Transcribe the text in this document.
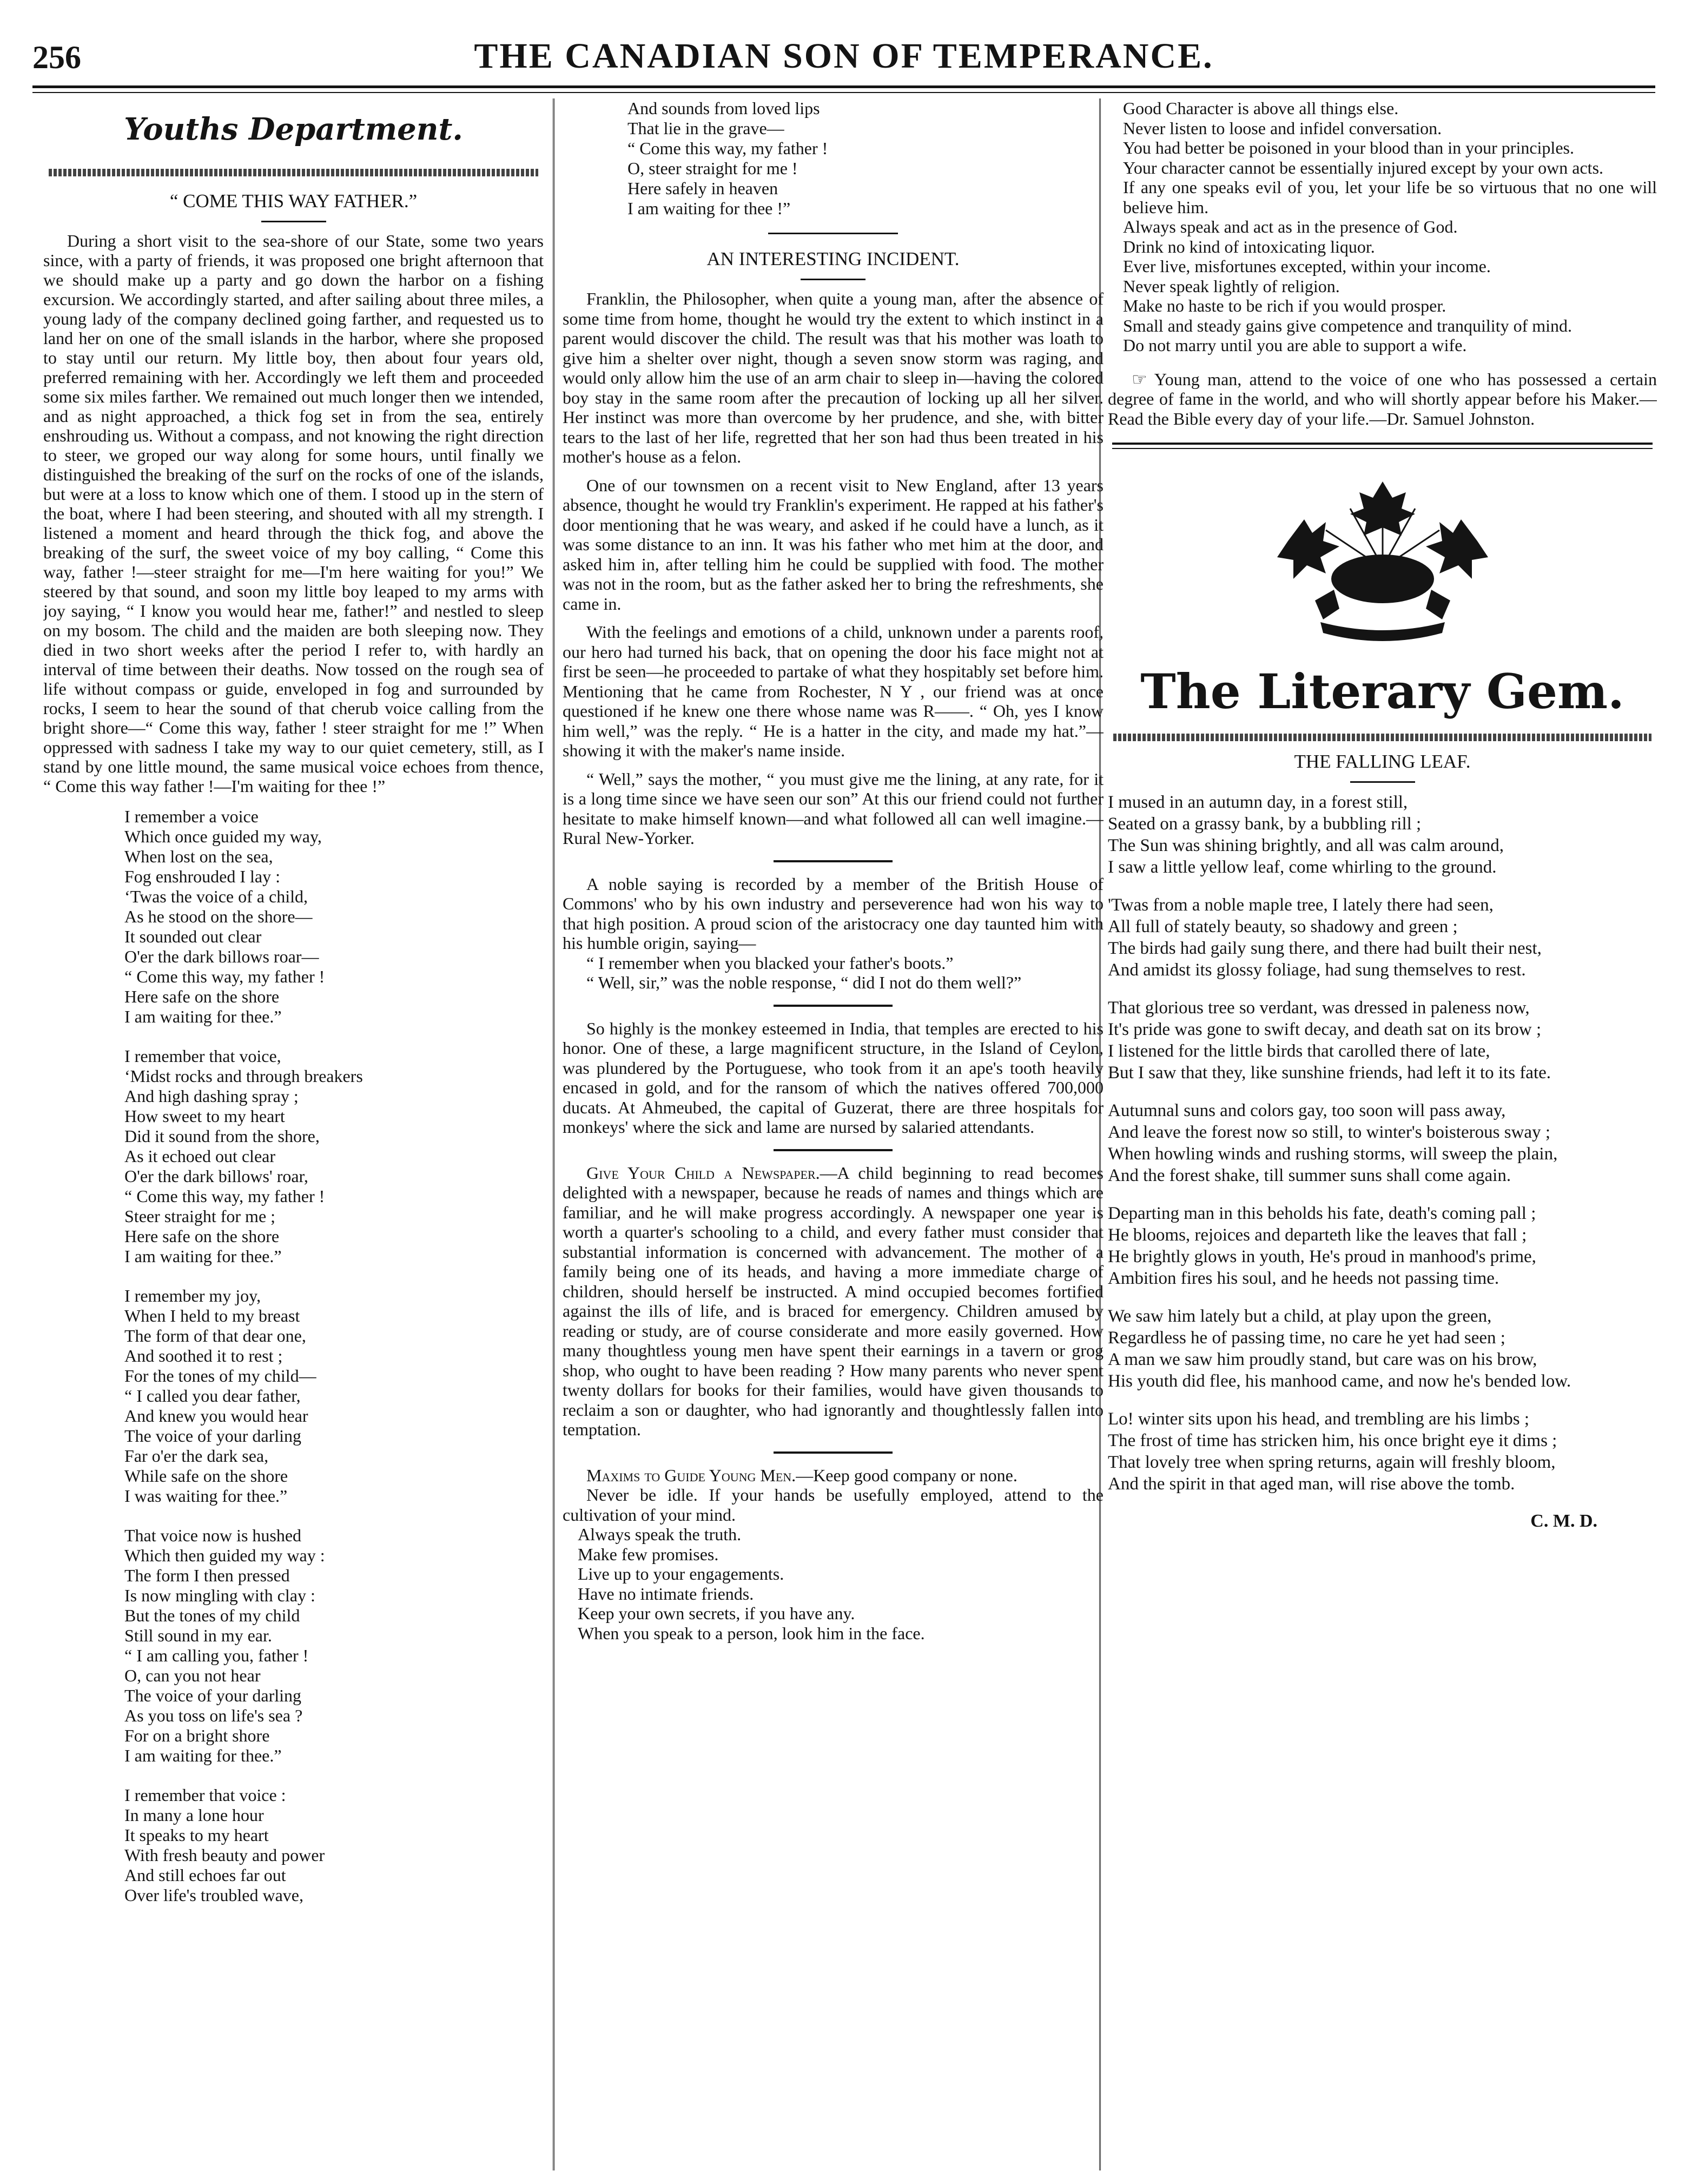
256	THE CANADIAN SON OF TEMPERANCE.
Youths Department.
“ COME THIS WAY FATHER.”

During a short visit to the sea-shore of our State, some two years since, with a party of friends, it was proposed one bright afternoon that we should make up a party and go down the harbor on a fishing excursion. We accordingly started, and after sailing about three miles, a young lady of the company declined going farther, and requested us to land her on one of the small islands in the harbor, where she proposed to stay until our return. My little boy, then about four years old, preferred remaining with her. Accordingly we left them and proceeded some six miles farther. We remained out much longer then we intended, and as night approached, a thick fog set in from the sea, entirely enshrouding us. Without a compass, and not knowing the right direction to steer, we groped our way along for some hours, until finally we distinguished the breaking of the surf on the rocks of one of the islands, but were at a loss to know which one of them. I stood up in the stern of the boat, where I had been steering, and shouted with all my strength. I listened a moment and heard through the thick fog, and above the breaking of the surf, the sweet voice of my boy calling, “ Come this way, father !—steer straight for me—I'm here waiting for you!” We steered by that sound, and soon my little boy leaped to my arms with joy saying, “ I know you would hear me, father!” and nestled to sleep on my bosom. The child and the maiden are both sleeping now. They died in two short weeks after the period I refer to, with hardly an interval of time between their deaths. Now tossed on the rough sea of life without compass or guide, enveloped in fog and surrounded by rocks, I seem to hear the sound of that cherub voice calling from the bright shore—“ Come this way, father ! steer straight for me !” When oppressed with sadness I take my way to our quiet cemetery, still, as I stand by one little mound, the same musical voice echoes from thence, “ Come this way father !—I'm waiting for thee !”

I remember a voice
Which once guided my way,
When lost on the sea,
Fog enshrouded I lay :
‘Twas the voice of a child,
As he stood on the shore—
It sounded out clear
O'er the dark billows roar—
“ Come this way, my father !
Here safe on the shore
I am waiting for thee.”
I remember that voice,
‘Midst rocks and through breakers
And high dashing spray ;
How sweet to my heart
Did it sound from the shore,
As it echoed out clear
O'er the dark billows' roar,
“ Come this way, my father !
Steer straight for me ;
Here safe on the shore
I am waiting for thee.”
I remember my joy,
When I held to my breast
The form of that dear one,
And soothed it to rest ;
For the tones of my child—
“ I called you dear father,
And knew you would hear
The voice of your darling
Far o'er the dark sea,
While safe on the shore
I was waiting for thee.”
That voice now is hushed
Which then guided my way :
The form I then pressed
Is now mingling with clay :
But the tones of my child
Still sound in my ear.
“ I am calling you, father !
O, can you not hear
The voice of your darling
As you toss on life's sea ?
For on a bright shore
I am waiting for thee.”
I remember that voice :
In many a lone hour
It speaks to my heart
With fresh beauty and power
And still echoes far out
Over life's troubled wave,
And sounds from loved lips
That lie in the grave—
“ Come this way, my father !
O, steer straight for me !
Here safely in heaven
I am waiting for thee !”
AN INTERESTING INCIDENT.

Franklin, the Philosopher, when quite a young man, after the absence of some time from home, thought he would try the extent to which instinct in a parent would discover the child. The result was that his mother was loath to give him a shelter over night, though a seven snow storm was raging, and would only allow him the use of an arm chair to sleep in—having the colored boy stay in the same room after the precaution of locking up all her silver. Her instinct was more than overcome by her prudence, and she, with bitter tears to the last of her life, regretted that her son had thus been treated in his mother's house as a felon.

One of our townsmen on a recent visit to New England, after 13 years absence, thought he would try Franklin's experiment. He rapped at his father's door mentioning that he was weary, and asked if he could have a lunch, as it was some distance to an inn. It was his father who met him at the door, and asked him in, after telling him he could be supplied with food. The mother was not in the room, but as the father asked her to bring the refreshments, she came in.

With the feelings and emotions of a child, unknown under a parents roof, our hero had turned his back, that on opening the door his face might not at first be seen—he proceeded to partake of what they hospitably set before him. Mentioning that he came from Rochester, N Y , our friend was at once questioned if he knew one there whose name was R——. “ Oh, yes I know him well,” was the reply. “ He is a hatter in the city, and made my hat.”—showing it with the maker's name inside.

“ Well,” says the mother, “ you must give me the lining, at any rate, for it is a long time since we have seen our son” At this our friend could not further hesitate to make himself known—and what followed all can well imagine.—Rural New-Yorker.

A noble saying is recorded by a member of the British House of Commons' who by his own industry and perseverence had won his way to that high position. A proud scion of the aristocracy one day taunted him with his humble origin, saying—

“ I remember when you blacked your father's boots.”

“ Well, sir,” was the noble response, “ did I not do them well?”

So highly is the monkey esteemed in India, that temples are erected to his honor. One of these, a large magnificent structure, in the Island of Ceylon, was plundered by the Portuguese, who took from it an ape's tooth heavily encased in gold, and for the ransom of which the natives offered 700,000 ducats. At Ahmeubed, the capital of Guzerat, there are three hospitals for monkeys' where the sick and lame are nursed by salaried attendants.

Give Your Child a Newspaper.—A child beginning to read becomes delighted with a newspaper, because he reads of names and things which are familiar, and he will make progress accordingly. A newspaper one year is worth a quarter's schooling to a child, and every father must consider that substantial information is concerned with advancement. The mother of a family being one of its heads, and having a more immediate charge of children, should herself be instructed. A mind occupied becomes fortified against the ills of life, and is braced for emergency. Children amused by reading or study, are of course considerate and more easily governed. How many thoughtless young men have spent their earnings in a tavern or grog shop, who ought to have been reading ? How many parents who never spent twenty dollars for books for their families, would have given thousands to reclaim a son or daughter, who had ignorantly and thoughtlessly fallen into temptation.

Maxims to Guide Young Men.—Keep good company or none.

Never be idle. If your hands be usefully employed, attend to the cultivation of your mind.

Always speak the truth.

Make few promises.

Live up to your engagements.

Have no intimate friends.

Keep your own secrets, if you have any.

When you speak to a person, look him in the face.

Good Character is above all things else.

Never listen to loose and infidel conversation.

You had better be poisoned in your blood than in your principles.

Your character cannot be essentially injured except by your own acts.

If any one speaks evil of you, let your life be so virtuous that no one will believe him.

Always speak and act as in the presence of God.

Drink no kind of intoxicating liquor.

Ever live, misfortunes excepted, within your income.

Never speak lightly of religion.

Make no haste to be rich if you would prosper.

Small and steady gains give competence and tranquility of mind.

Do not marry until you are able to support a wife.

☞ Young man, attend to the voice of one who has possessed a certain degree of fame in the world, and who will shortly appear before his Maker.—Read the Bible every day of your life.—Dr. Samuel Johnston.

The Literary Gem.
THE FALLING LEAF.
I mused in an autumn day, in a forest still,
Seated on a grassy bank, by a bubbling rill ;
The Sun was shining brightly, and all was calm around,
I saw a little yellow leaf, come whirling to the ground.
'Twas from a noble maple tree, I lately there had seen,
All full of stately beauty, so shadowy and green ;
The birds had gaily sung there, and there had built their nest,
And amidst its glossy foliage, had sung themselves to rest.
That glorious tree so verdant, was dressed in paleness now,
It's pride was gone to swift decay, and death sat on its brow ;
I listened for the little birds that carolled there of late,
But I saw that they, like sunshine friends, had left it to its fate.
Autumnal suns and colors gay, too soon will pass away,
And leave the forest now so still, to winter's boisterous sway ;
When howling winds and rushing storms, will sweep the plain,
And the forest shake, till summer suns shall come again.
Departing man in this beholds his fate, death's coming pall ;
He blooms, rejoices and departeth like the leaves that fall ;
He brightly glows in youth, He's proud in manhood's prime,
Ambition fires his soul, and he heeds not passing time.
We saw him lately but a child, at play upon the green,
Regardless he of passing time, no care he yet had seen ;
A man we saw him proudly stand, but care was on his brow,
His youth did flee, his manhood came, and now he's bended low.
Lo! winter sits upon his head, and trembling are his limbs ;
The frost of time has stricken him, his once bright eye it dims ;
That lovely tree when spring returns, again will freshly bloom,
And the spirit in that aged man, will rise above the tomb.
C. M. D.
